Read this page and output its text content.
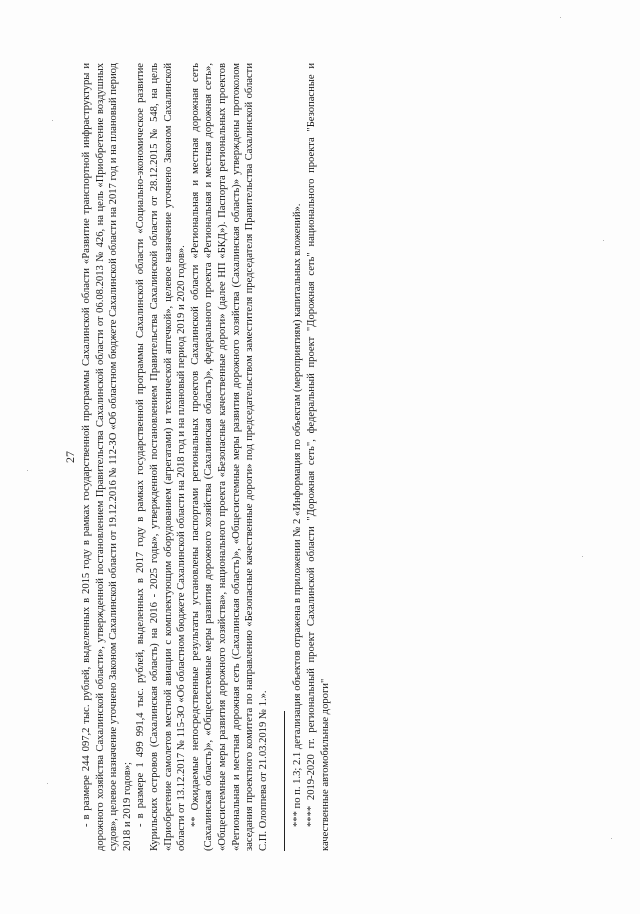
27 - в размере 244 097,2 тыс. рублей, выделенных в 2015 году в рамках государственной программы Сахалинской области «Развитие транспортной инфраструктуры и дорожного хозяйства Сахалинской области», утвержденной постановлением Правительства Сахалинской области от 06.08.2013 № 426, на цель «Приобретение воздушных судов», целевое назначение уточнено Законом Сахалинской области от 19.12.2016 № 112-ЗО «Об областном бюджете Сахалинской области на 2017 год и на плановый период 2018 и 2019 годов»; - в размере 1 499 991,4 тыс. рублей, выделенных в 2017 году в рамках государственной программы Сахалинской области «Социально-экономическое развитие Курильских островов (Сахалинская область) на 2016 - 2025 годы», утвержденной постановлением Правительства Сахалинской области от 28.12.2015 № 548, на цель «Приобретение самолетов местной авиации с комплектующим оборудованием (агрегатами) и технической аптечкой», целевое назначение уточнено Законом Сахалинской области от 13.12.2017 № 115-ЗО «Об областном бюджете Сахалинской области на 2018 год и на плановый период 2019 и 2020 годов». ** Ожидаемые непосредственные результаты установлены паспортами региональных проектов Сахалинской области «Региональная и местная дорожная сеть (Сахалинская область)», «Общесистемные меры развития дорожного хозяйства (Сахалинская область)», федерального проекта «Региональная и местная дорожная сеть», «Общесистемные меры развития дорожного хозяйства», национального проекта «Безопасные качественные дороги» (далее НП «БКД»). Паспорта региональных проектов «Региональная и местная дорожная сеть (Сахалинская область)», «Общесистемные меры развития дорожного хозяйства (Сахалинская область)» утверждены протоколом заседания проектного комитета по направлению «Безопасные качественные дороги» под председательством заместителя председателя Правительства Сахалинской области С.П. Олоппева от 21.03.2019 № 1.». *** по п. 1.3; 2.1 детализация объектов отражена в приложении № 2 «Информация по объектам (мероприятиям) капитальных вложений». **** 2019-2020 гг. региональный проект Сахалинской области "Дорожная сеть", федеральный проект "Дорожная сеть" национального проекта "Безопасные и качественные автомобильные дороги"
